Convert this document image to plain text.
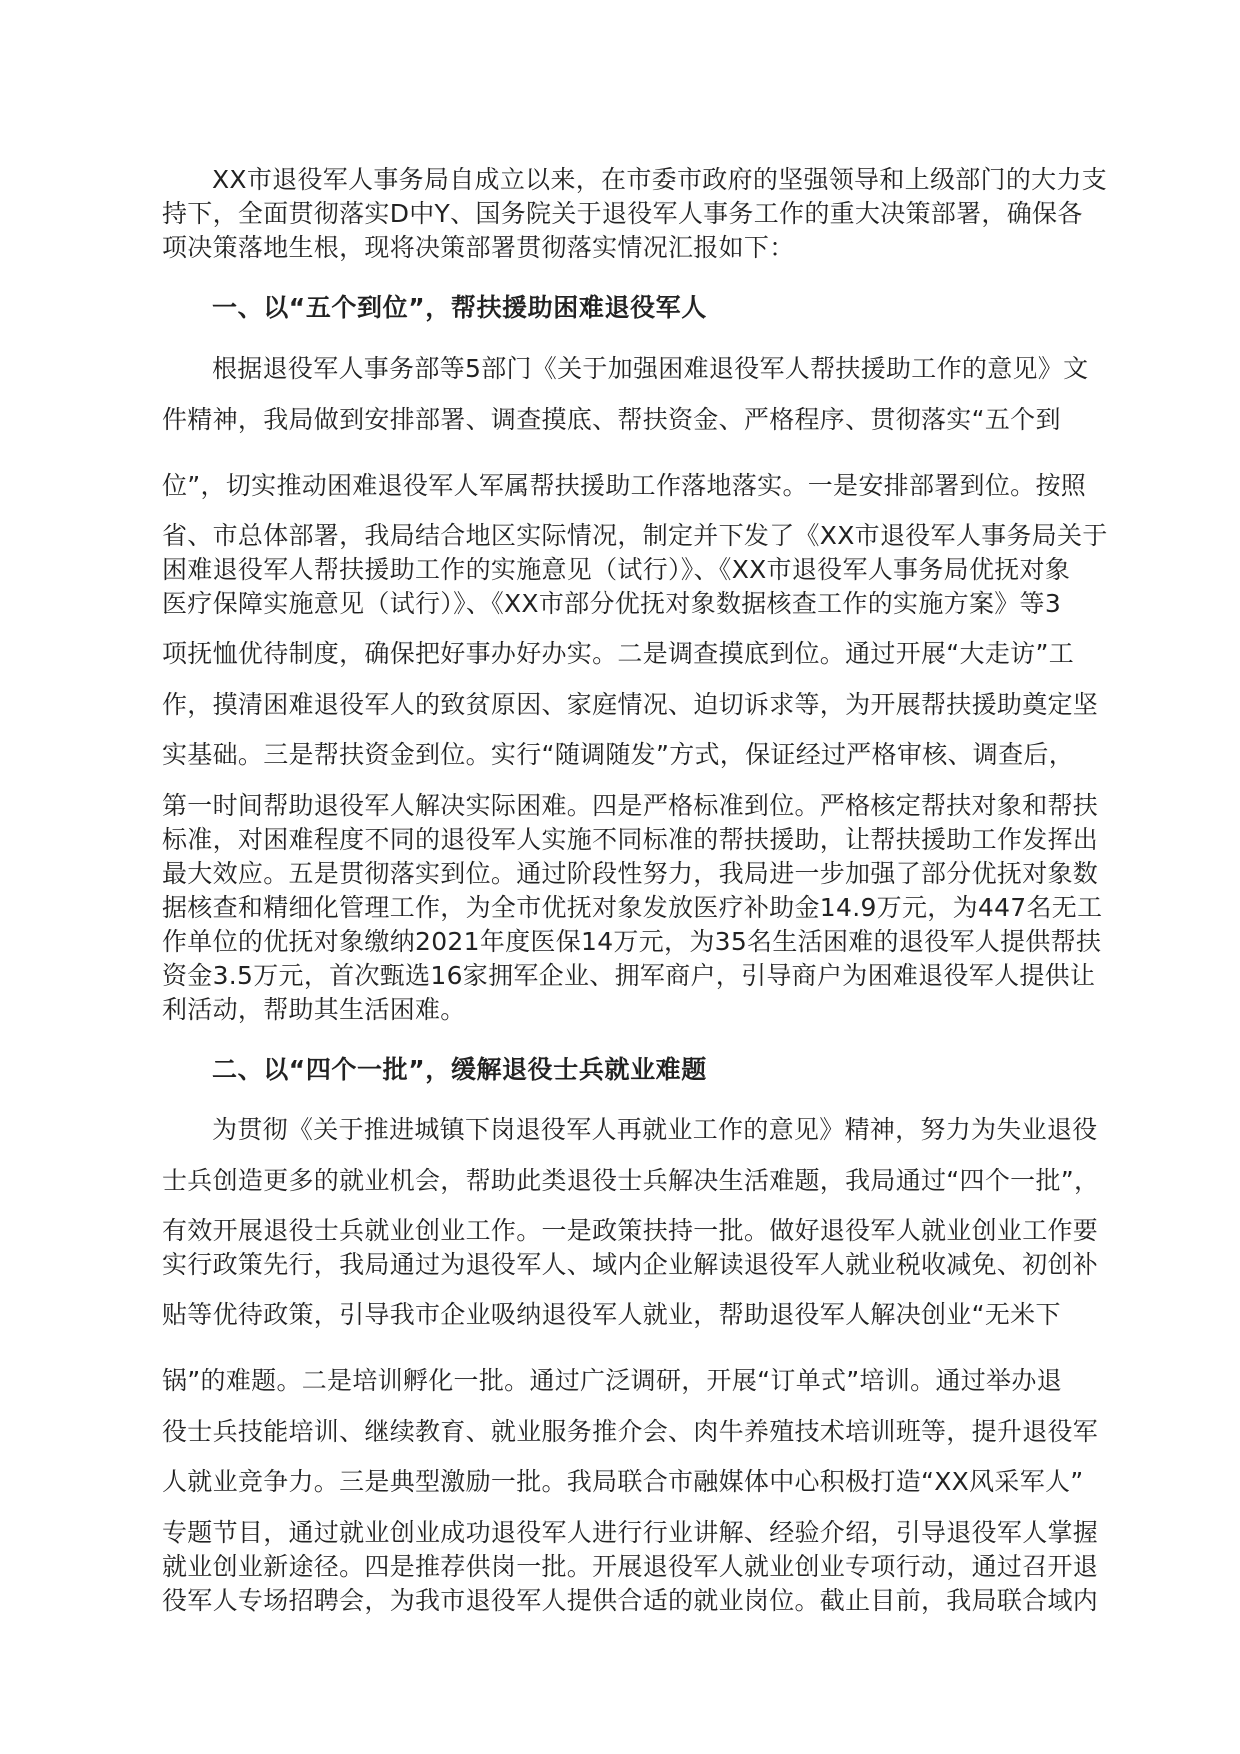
XX市退役军人事务局自成立以来，在市委市政府的坚强领导和上级部门的大力支
持下，全面贯彻落实D中Y、国务院关于退役军人事务工作的重大决策部署，确保各
项决策落地生根，现将决策部署贯彻落实情况汇报如下：
一、以“五个到位”，帮扶援助困难退役军人
根据退役军人事务部等5部门《关于加强困难退役军人帮扶援助工作的意见》文
件精神，我局做到安排部署、调查摸底、帮扶资金、严格程序、贯彻落实“五个到
位”，切实推动困难退役军人军属帮扶援助工作落地落实。一是安排部署到位。按照
省、市总体部署，我局结合地区实际情况，制定并下发了《XX市退役军人事务局关于
困难退役军人帮扶援助工作的实施意见（试行）》、《XX市退役军人事务局优抚对象
医疗保障实施意见（试行）》、《XX市部分优抚对象数据核查工作的实施方案》等3
项抚恤优待制度，确保把好事办好办实。二是调查摸底到位。通过开展“大走访”工
作，摸清困难退役军人的致贫原因、家庭情况、迫切诉求等，为开展帮扶援助奠定坚
实基础。三是帮扶资金到位。实行“随调随发”方式，保证经过严格审核、调查后，
第一时间帮助退役军人解决实际困难。四是严格标准到位。严格核定帮扶对象和帮扶
标准，对困难程度不同的退役军人实施不同标准的帮扶援助，让帮扶援助工作发挥出
最大效应。五是贯彻落实到位。通过阶段性努力，我局进一步加强了部分优抚对象数
据核查和精细化管理工作，为全市优抚对象发放医疗补助金14.9万元，为447名无工
作单位的优抚对象缴纳2021年度医保14万元，为35名生活困难的退役军人提供帮扶
资金3.5万元，首次甄选16家拥军企业、拥军商户，引导商户为困难退役军人提供让
利活动，帮助其生活困难。
二、以“四个一批”，缓解退役士兵就业难题
为贯彻《关于推进城镇下岗退役军人再就业工作的意见》精神，努力为失业退役
士兵创造更多的就业机会，帮助此类退役士兵解决生活难题，我局通过“四个一批”，
有效开展退役士兵就业创业工作。一是政策扶持一批。做好退役军人就业创业工作要
实行政策先行，我局通过为退役军人、域内企业解读退役军人就业税收减免、初创补
贴等优待政策，引导我市企业吸纳退役军人就业，帮助退役军人解决创业“无米下
锅”的难题。二是培训孵化一批。通过广泛调研，开展“订单式”培训。通过举办退
役士兵技能培训、继续教育、就业服务推介会、肉牛养殖技术培训班等，提升退役军
人就业竞争力。三是典型激励一批。我局联合市融媒体中心积极打造“XX风采军人”
专题节目，通过就业创业成功退役军人进行行业讲解、经验介绍，引导退役军人掌握
就业创业新途径。四是推荐供岗一批。开展退役军人就业创业专项行动，通过召开退
役军人专场招聘会，为我市退役军人提供合适的就业岗位。截止目前，我局联合域内
